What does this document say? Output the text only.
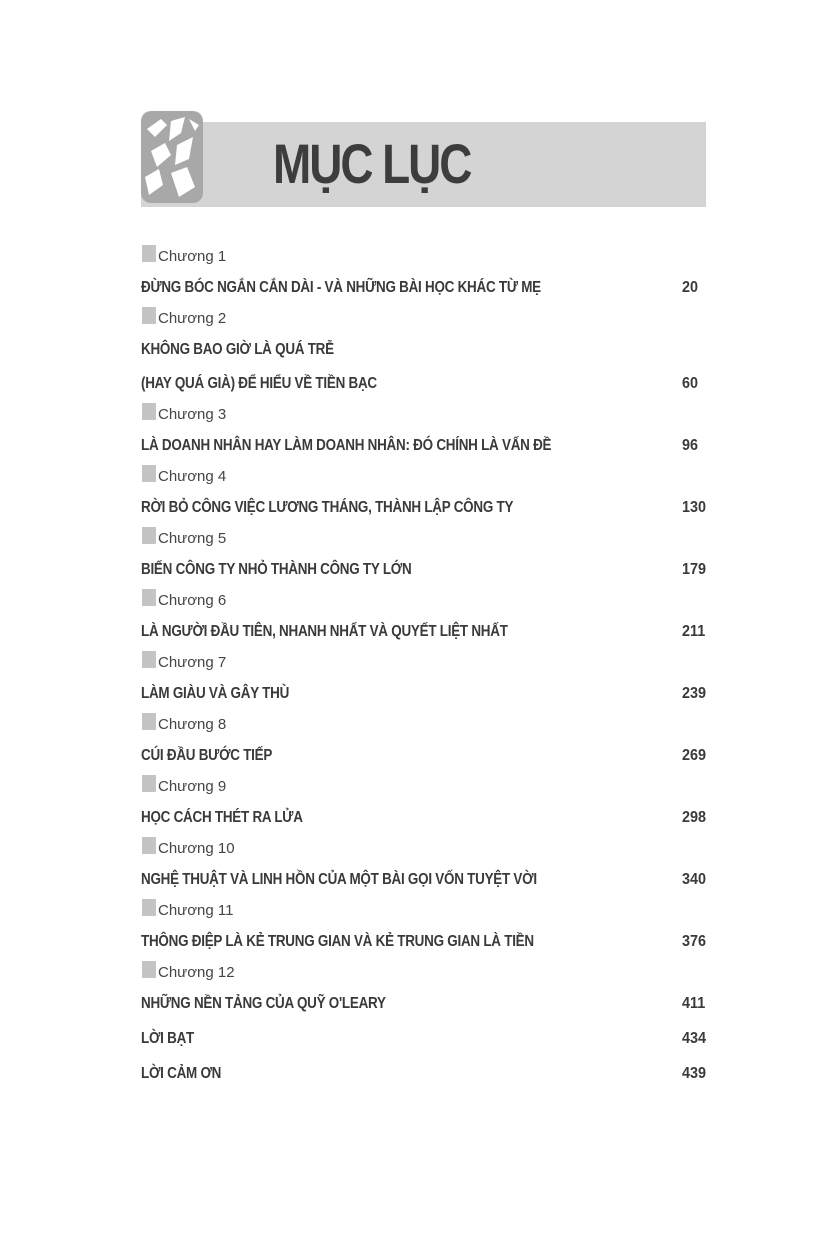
MỤC LỤC
Chương 1
ĐỪNG BÓC NGẮN CẮN DÀI - VÀ NHỮNG BÀI HỌC KHÁC TỪ MẸ	20
Chương 2
KHÔNG BAO GIỜ LÀ QUÁ TRỄ
(HAY QUÁ GIÀ) ĐỂ HIỂU VỀ TIỀN BẠC	60
Chương 3
LÀ DOANH NHÂN HAY LÀM DOANH NHÂN: ĐÓ CHÍNH LÀ VẤN ĐỀ	96
Chương 4
RỜI BỎ CÔNG VIỆC LƯƠNG THÁNG, THÀNH LẬP CÔNG TY	130
Chương 5
BIẾN CÔNG TY NHỎ THÀNH CÔNG TY LỚN	179
Chương 6
LÀ NGƯỜI ĐẦU TIÊN, NHANH NHẤT VÀ QUYẾT LIỆT NHẤT	211
Chương 7
LÀM GIÀU VÀ GÂY THÙ	239
Chương 8
CÚI ĐẦU BƯỚC TIẾP	269
Chương 9
HỌC CÁCH THÉT RA LỬA	298
Chương 10
NGHỆ THUẬT VÀ LINH HỒN CỦA MỘT BÀI GỌI VỐN TUYỆT VỜI	340
Chương 11
THÔNG ĐIỆP LÀ KẺ TRUNG GIAN VÀ KẺ TRUNG GIAN LÀ TIỀN	376
Chương 12
NHỮNG NỀN TẢNG CỦA QUỸ O'LEARY	411
LỜI BẠT	434
LỜI CẢM ƠN	439
